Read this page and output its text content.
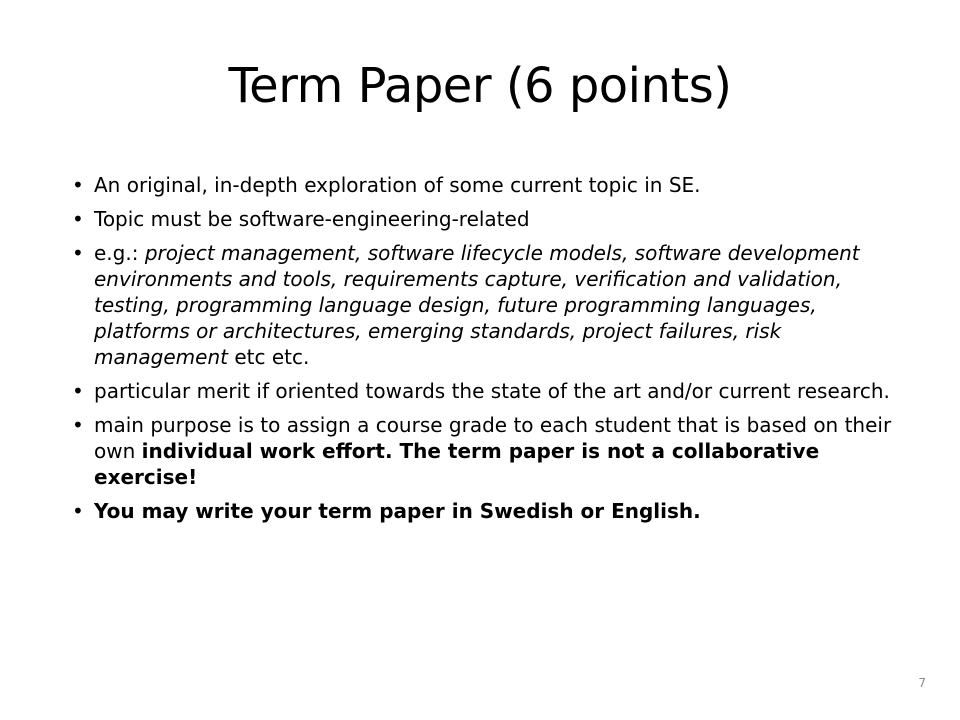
Term Paper (6 points)
• An original, in-depth exploration of some current topic in SE.
• Topic must be software-engineering-related
• e.g.: project management, software lifecycle models, software development environments and tools, requirements capture, verification and validation, testing, programming language design, future programming languages, platforms or architectures, emerging standards, project failures, risk management etc etc.
• particular merit if oriented towards the state of the art and/or current research.
• main purpose is to assign a course grade to each student that is based on their own individual work effort. The term paper is not a collaborative exercise!
• You may write your term paper in Swedish or English.
7
